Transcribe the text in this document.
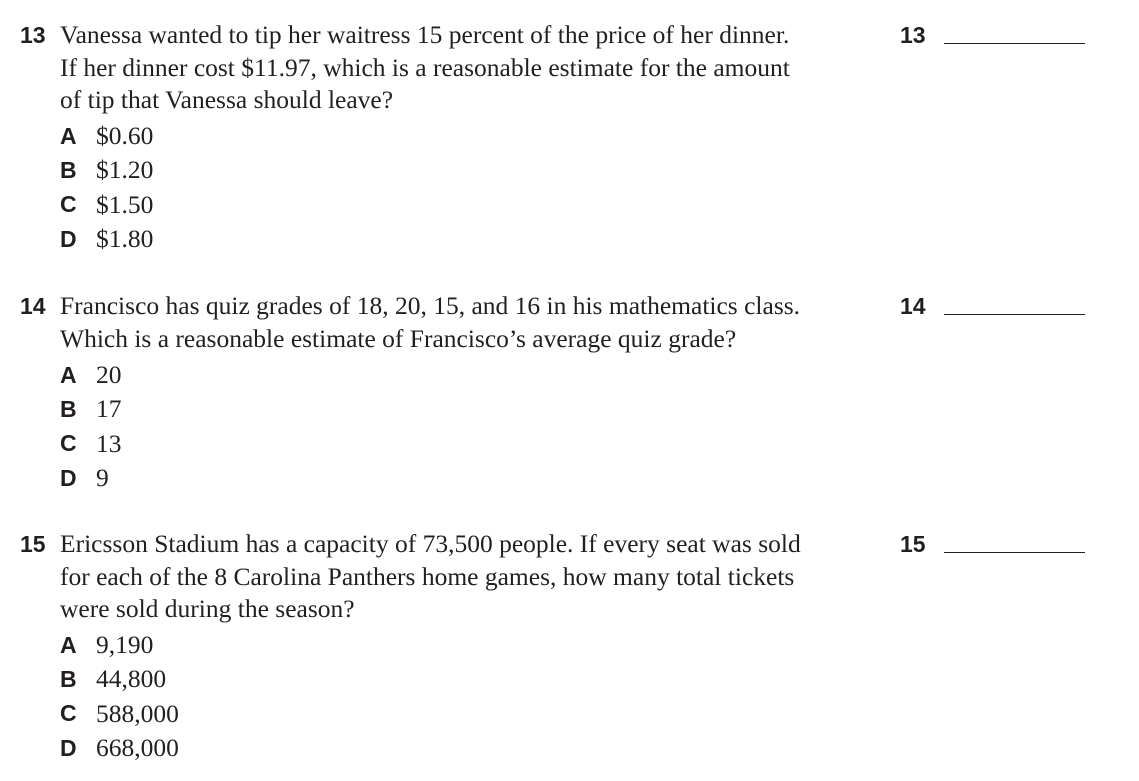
13 Vanessa wanted to tip her waitress 15 percent of the price of her dinner.
If her dinner cost $11.97, which is a reasonable estimate for the amount
of tip that Vanessa should leave?
A $0.60
B $1.20
C $1.50
D $1.80
13
14 Francisco has quiz grades of 18, 20, 15, and 16 in his mathematics class.
Which is a reasonable estimate of Francisco’s average quiz grade?
A 20
B 17
C 13
D 9
14
15 Ericsson Stadium has a capacity of 73,500 people. If every seat was sold
for each of the 8 Carolina Panthers home games, how many total tickets
were sold during the season?
A 9,190
B 44,800
C 588,000
D 668,000
15
